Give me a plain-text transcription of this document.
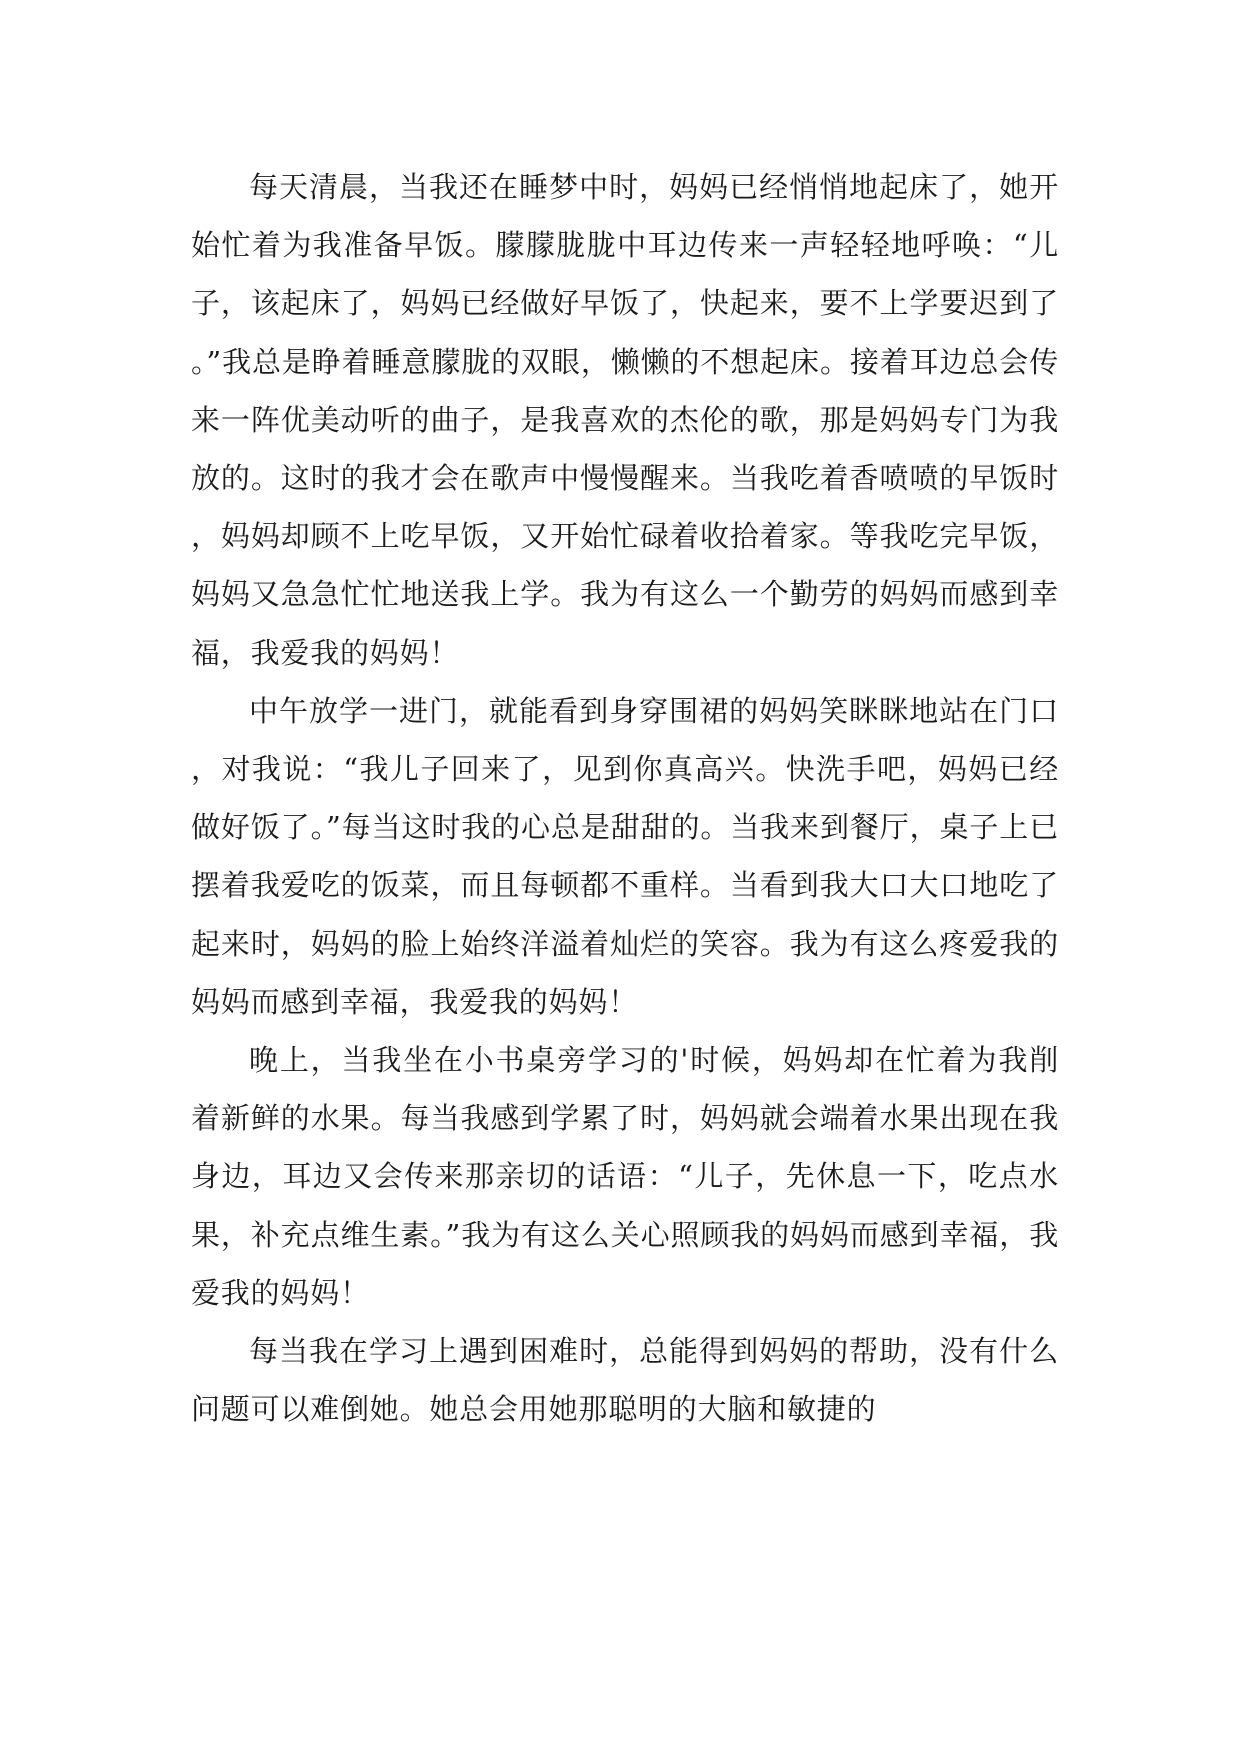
每天清晨，当我还在睡梦中时，妈妈已经悄悄地起床了，她开始忙着为我准备早饭。朦朦胧胧中耳边传来一声轻轻地呼唤：“儿子，该起床了，妈妈已经做好早饭了，快起来，要不上学要迟到了。”我总是睁着睡意朦胧的双眼，懒懒的不想起床。接着耳边总会传来一阵优美动听的曲子，是我喜欢的杰伦的歌，那是妈妈专门为我放的。这时的我才会在歌声中慢慢醒来。当我吃着香喷喷的早饭时，妈妈却顾不上吃早饭，又开始忙碌着收拾着家。等我吃完早饭，妈妈又急急忙忙地送我上学。我为有这么一个勤劳的妈妈而感到幸福，我爱我的妈妈！

中午放学一进门，就能看到身穿围裙的妈妈笑眯眯地站在门口，对我说：“我儿子回来了，见到你真高兴。快洗手吧，妈妈已经做好饭了。”每当这时我的心总是甜甜的。当我来到餐厅，桌子上已摆着我爱吃的饭菜，而且每顿都不重样。当看到我大口大口地吃了起来时，妈妈的脸上始终洋溢着灿烂的笑容。我为有这么疼爱我的妈妈而感到幸福，我爱我的妈妈！

晚上，当我坐在小书桌旁学习的'时候，妈妈却在忙着为我削着新鲜的水果。每当我感到学累了时，妈妈就会端着水果出现在我身边，耳边又会传来那亲切的话语：“儿子，先休息一下，吃点水果，补充点维生素。”我为有这么关心照顾我的妈妈而感到幸福，我爱我的妈妈！

每当我在学习上遇到困难时，总能得到妈妈的帮助，没有什么问题可以难倒她。她总会用她那聪明的大脑和敏捷的
